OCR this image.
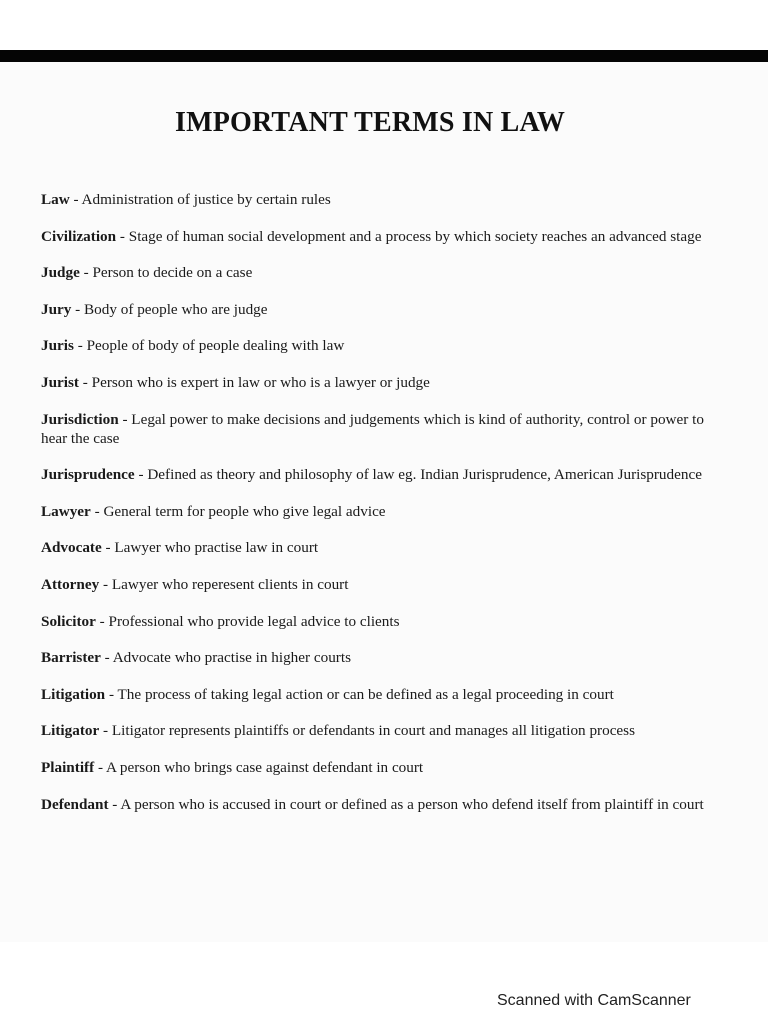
IMPORTANT TERMS IN LAW

Law - Administration of justice by certain rules

Civilization - Stage of human social development and a process by which society reaches an advanced stage

Judge - Person to decide on a case

Jury - Body of people who are judge

Juris - People of body of people dealing with law

Jurist - Person who is expert in law or who is a lawyer or judge

Jurisdiction - Legal power to make decisions and judgements which is kind of authority, control or power to hear the case

Jurisprudence - Defined as theory and philosophy of law eg. Indian Jurisprudence, American Jurisprudence

Lawyer - General term for people who give legal advice

Advocate - Lawyer who practise law in court

Attorney - Lawyer who reperesent clients in court

Solicitor - Professional who provide legal advice to clients

Barrister - Advocate who practise in higher courts

Litigation - The process of taking legal action or can be defined as a legal proceeding in court

Litigator - Litigator represents plaintiffs or defendants in court and manages all litigation process

Plaintiff - A person who brings case against defendant in court

Defendant - A person who is accused in court or defined as a person who defend itself from plaintiff in court

Scanned with CamScanner
